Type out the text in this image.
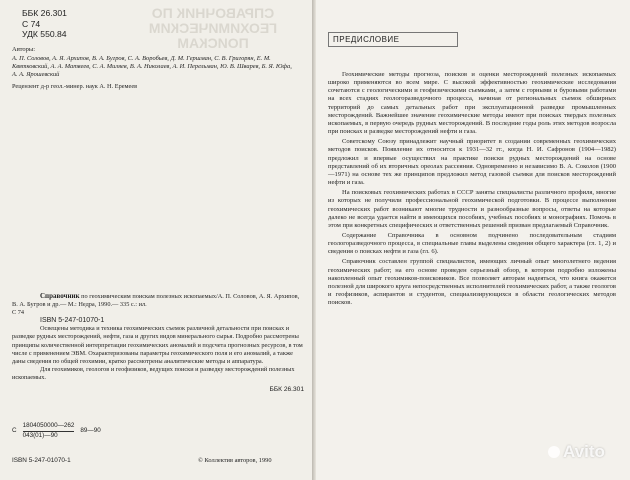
СПРАВОЧНИК ПО ГЕОХИМИЧЕСКИМ ПОИСКАМ
ББК 26.301
С 74
УДК 550.84
Авторы:
А. П. Соловов, А. Я. Архипов, В. А. Бугров, С. А. Воробьев, Д. М. Гершман, С. В. Григорян, Е. М. Квятковский, А. А. Матвеев, С. А. Миляев, В. А. Николаев, А. И. Перельман, Ю. В. Шварев, Б. Я. Юфа, А. А. Ярошевский
Рецензент д-р геол.-минер. наук А. Н. Еремеев
Справочник по геохимическим поискам полезных ископаемых/А. П. Соловов, А. Я. Архипов, В. А. Бугров и др.— М.: Недра, 1990.— 335 с.: ил.
С 74
ISBN 5-247-01070-1
Освещены методика и техника геохимических съемок различной детальности при поисках и разведке рудных месторождений, нефти, газа и других видов минерального сырья. Подробно рассмотрены принципы количественной интерпретации геохимических аномалий и подсчета прогнозных ресурсов, в том числе с применением ЭВМ. Охарактеризованы параметры геохимического поля и его аномалий, а также даны сведения по общей геохимии, кратко рассмотрены аналитические методы и аппаратура.
Для геохимиков, геологов и геофизиков, ведущих поиски и разведку месторождений полезных ископаемых.
ББК 26.301
С
1804050000—262
043(01)—90
89—90
ISBN 5-247-01070-1	© Коллектив авторов, 1990
ПРЕДИСЛОВИЕ

Геохимические методы прогноза, поисков и оценки месторождений полезных ископаемых широко применяются во всем мире. С высокой эффективностью геохимические исследования сочетаются с геологическими и геофизическими съемками, а затем с горными и буровыми работами на всех стадиях геологоразведочного процесса, начиная от региональных съемок обширных территорий до самых детальных работ при эксплуатационной разведке промышленных месторождений. Важнейшее значение геохимические методы имеют при поисках твердых полезных ископаемых, в первую очередь рудных месторождений. В последние годы роль этих методов возросла при поисках и разведке месторождений нефти и газа.

Советскому Союзу принадлежит научный приоритет в создании современных геохимических методов поисков. Появление их относится к 1931—32 гг., когда Н. И. Сафронов (1904—1982) предложил и впервые осуществил на практике поиски рудных месторождений на основе представлений об их вторичных ореолах рассеяния. Одновременно и независимо В. А. Соколов (1900—1971) на основе тех же принципов предложил метод газовой съемки для поисков месторождений нефти и газа.

На поисковых геохимических работах в СССР заняты специалисты различного профиля, многие из которых не получили профессиональной геохимической подготовки. В процессе выполнения геохимических работ возникают многие трудности и разнообразные вопросы, ответы на которые далеко не всегда удается найти в имеющихся пособиях, учебных пособиях и монографиях. Помочь в этом при конкретных специфических и ответственных решений призван предлагаемый Справочник.

Содержание Справочника в основном подчинено последовательным стадиям геологоразведочного процесса, в специальные главы выделены сведения общего характера (гл. 1, 2) и сведения о поисках нефти и газа (гл. 6).

Справочник составлен группой специалистов, имеющих личный опыт многолетнего ведения геохимических работ; на его основе проведен серьезный обзор, в котором подробно изложены накопленный опыт геохимиков-поисковиков. Все позволяет авторам надеяться, что книга окажется полезной для широкого круга непосредственных исполнителей геохимических работ, а также геологов и геофизиков, аспирантов и студентов, специализирующихся в области геологических методов поисков.

Avito
